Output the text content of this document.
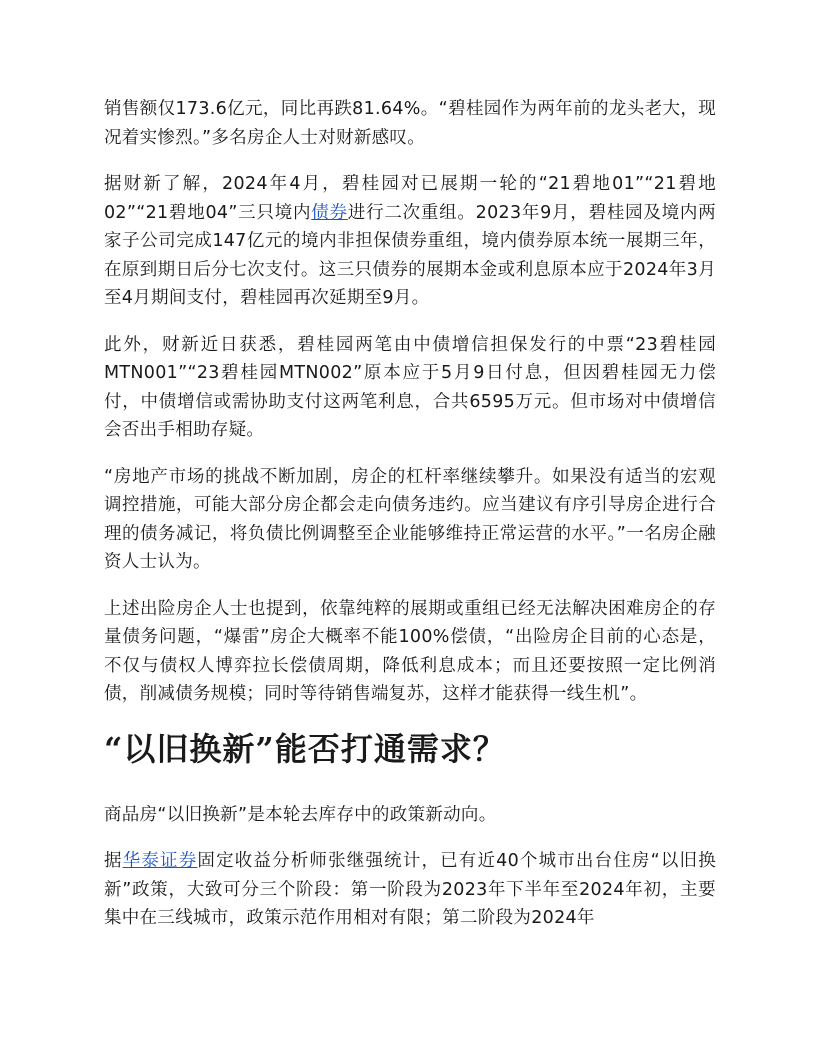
销售额仅173.6亿元，同比再跌81.64%。“碧桂园作为两年前的龙头老大，现况着实惨烈。”多名房企人士对财新感叹。

据财新了解，2024年4月，碧桂园对已展期一轮的“21碧地01”“21碧地02”“21碧地04”三只境内债券进行二次重组。2023年9月，碧桂园及境内两家子公司完成147亿元的境内非担保债券重组，境内债券原本统一展期三年，在原到期日后分七次支付。这三只债券的展期本金或利息原本应于2024年3月至4月期间支付，碧桂园再次延期至9月。

此外，财新近日获悉，碧桂园两笔由中债增信担保发行的中票“23碧桂园MTN001”“23碧桂园MTN002”原本应于5月9日付息，但因碧桂园无力偿付，中债增信或需协助支付这两笔利息，合共6595万元。但市场对中债增信会否出手相助存疑。

“房地产市场的挑战不断加剧，房企的杠杆率继续攀升。如果没有适当的宏观调控措施，可能大部分房企都会走向债务违约。应当建议有序引导房企进行合理的债务减记，将负债比例调整至企业能够维持正常运营的水平。”一名房企融资人士认为。

上述出险房企人士也提到，依靠纯粹的展期或重组已经无法解决困难房企的存量债务问题，“爆雷”房企大概率不能100%偿债，“出险房企目前的心态是，不仅与债权人博弈拉长偿债周期，降低利息成本；而且还要按照一定比例消债，削减债务规模；同时等待销售端复苏，这样才能获得一线生机”。

“以旧换新”能否打通需求？

商品房“以旧换新”是本轮去库存中的政策新动向。

据华泰证券固定收益分析师张继强统计，已有近40个城市出台住房“以旧换新”政策，大致可分三个阶段：第一阶段为2023年下半年至2024年初，主要集中在三线城市，政策示范作用相对有限；第二阶段为2024年
